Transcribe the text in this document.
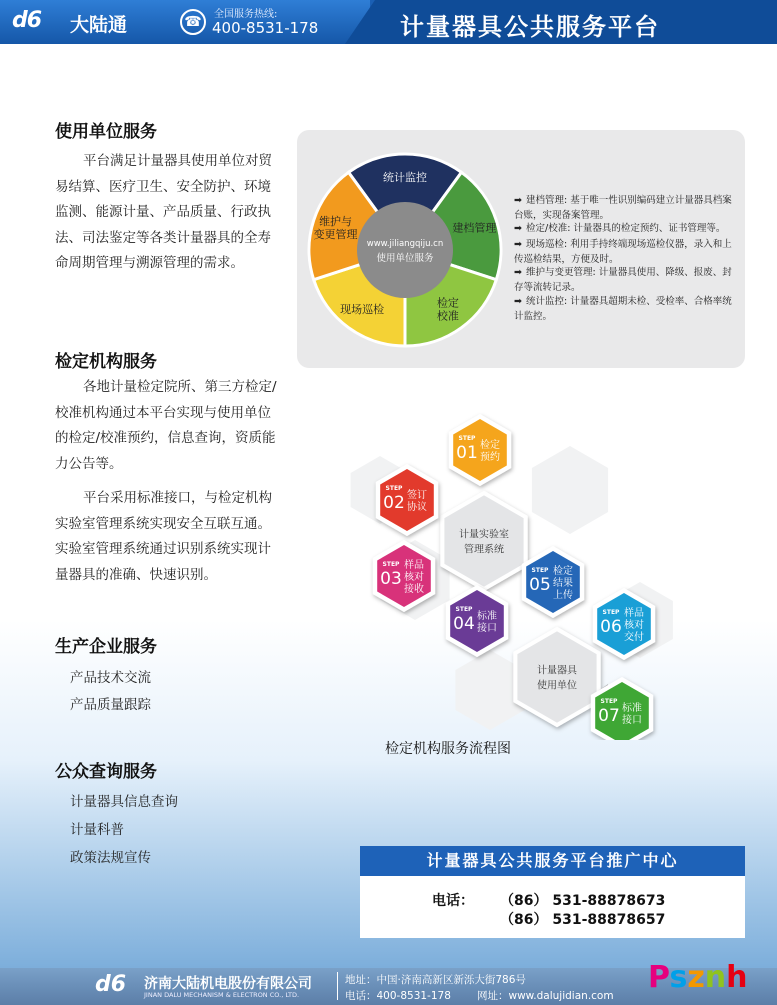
d6 大陆通	☎	全国服务热线:
400-8531-178	计量器具公共服务平台
使用单位服务
平台满足计量器具使用单位对贸易结算、医疗卫生、安全防护、环境监测、能源计量、产品质量、行政执法、司法鉴定等各类计量器具的全寿命周期管理与溯源管理的需求。
www.jiliangqiju.cn
使用单位服务
统计监控
建档管理
检定
校准
现场巡检
维护与
变更管理
➡ 建档管理: 基于唯一性识别编码建立计量器具档案台账，实现备案管理。
➡ 检定/校准: 计量器具的检定预约、证书管理等。
➡ 现场巡检: 利用手持终端现场巡检仪器，录入和上传巡检结果，方便及时。
➡ 维护与变更管理: 计量器具使用、降级、报废、封存等流转记录。
➡ 统计监控: 计量器具超期未检、受检率、合格率统计监控。
检定机构服务
各地计量检定院所、第三方检定/校准机构通过本平台实现与使用单位的检定/校准预约，信息查询，资质能力公告等。
平台采用标准接口，与检定机构实验室管理系统实现安全互联互通。实验室管理系统通过识别系统实现计量器具的准确、快速识别。
计量实验室
管理系统
计量器具
使用单位
STEP
01 检定
预约
STEP
02 签订
协议
STEP
03
样品
核对
接收
STEP
04 标准
接口
STEP
05
检定
结果
上传
STEP
06
样品
核对
交付
STEP
07 标准
接口
检定机构服务流程图
生产企业服务
产品技术交流
产品质量跟踪
公众查询服务
计量器具信息查询
计量科普
政策法规宣传	计量器具公共服务平台推广中心
电话： （86） 531-88878673
（86） 531-88878657
d6 济南大陆机电股份有限公司
JINAN DALU MECHANISM & ELECTRON CO., LTD.
地址：中国·济南高新区新泺大街786号
电话：400-8531-178 网址：www.dalujidian.com
Psznh
